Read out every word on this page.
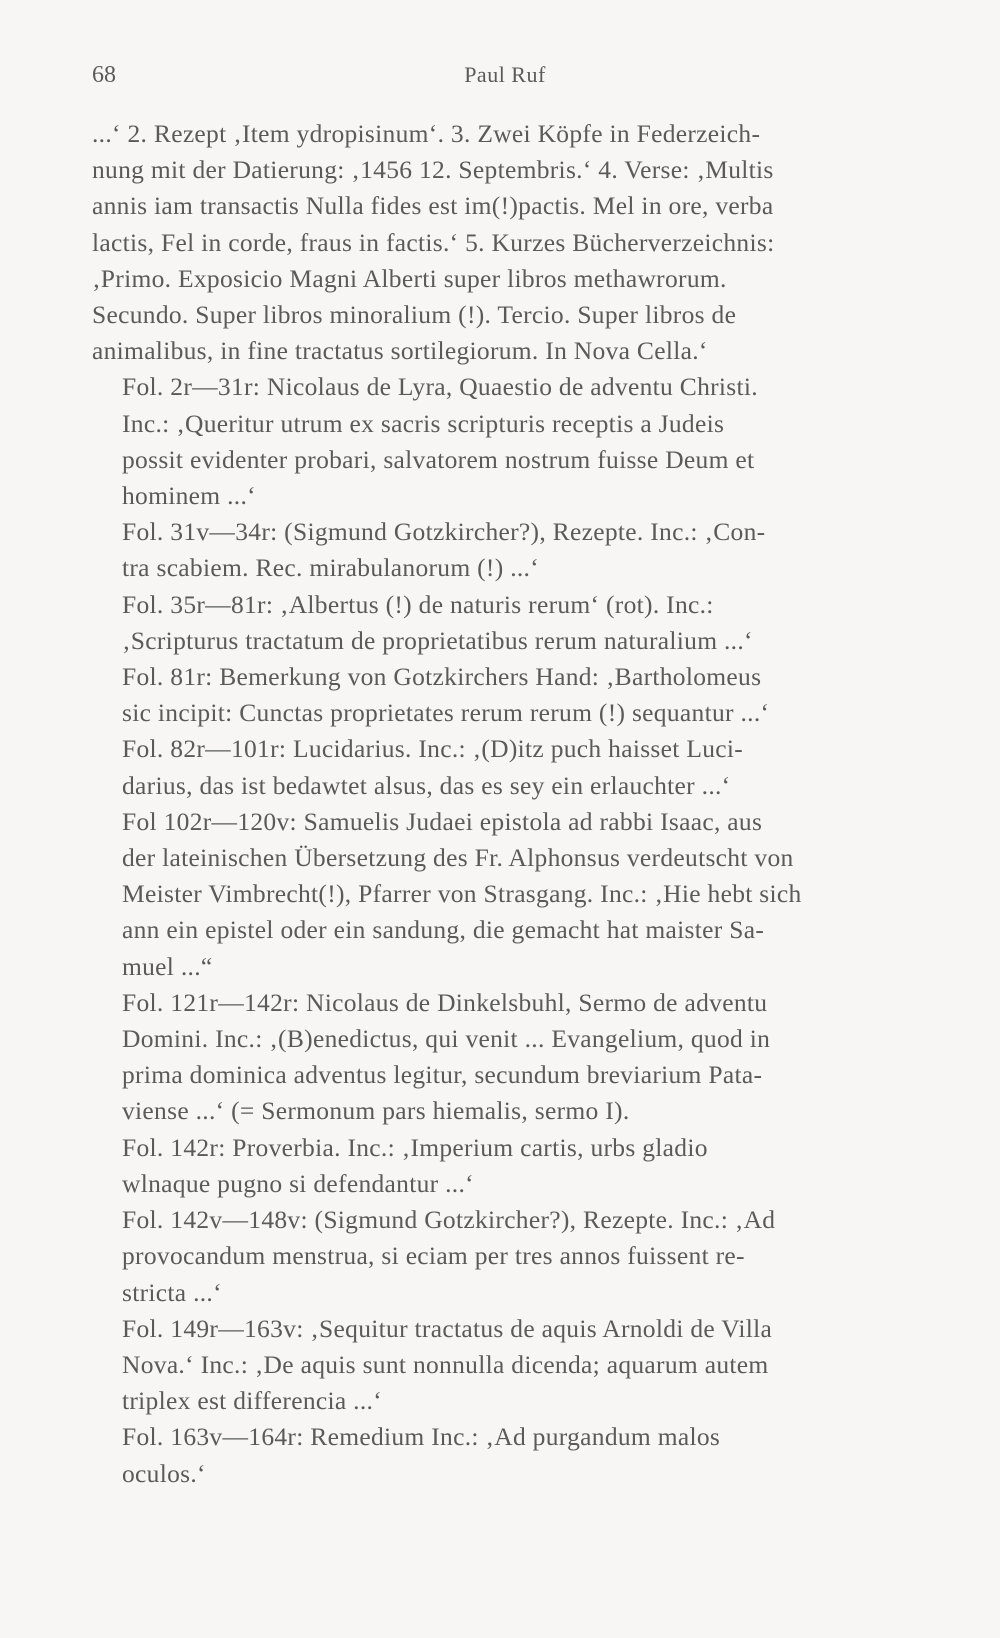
68	Paul Ruf

...‘ 2. Rezept ‚Item ydropisinum‘. 3. Zwei Köpfe in Federzeich-
nung mit der Datierung: ‚1456 12. Septembris.‘ 4. Verse: ‚Multis
annis iam transactis Nulla fides est im(!)pactis. Mel in ore, verba
lactis, Fel in corde, fraus in factis.‘ 5. Kurzes Bücherverzeichnis:
‚Primo. Exposicio Magni Alberti super libros methawrorum.
Secundo. Super libros minoralium (!). Tercio. Super libros de
animalibus, in fine tractatus sortilegiorum. In Nova Cella.‘

Fol. 2r—31r: Nicolaus de Lyra, Quaestio de adventu Christi.
Inc.: ‚Queritur utrum ex sacris scripturis receptis a Judeis
possit evidenter probari, salvatorem nostrum fuisse Deum et
hominem ...‘

Fol. 31v—34r: (Sigmund Gotzkircher?), Rezepte. Inc.: ‚Con-
tra scabiem. Rec. mirabulanorum (!) ...‘

Fol. 35r—81r: ‚Albertus (!) de naturis rerum‘ (rot). Inc.:
‚Scripturus tractatum de proprietatibus rerum naturalium ...‘

Fol. 81r: Bemerkung von Gotzkirchers Hand: ‚Bartholomeus
sic incipit: Cunctas proprietates rerum rerum (!) sequantur ...‘

Fol. 82r—101r: Lucidarius. Inc.: ‚(D)itz puch haisset Luci-
darius, das ist bedawtet alsus, das es sey ein erlauchter ...‘

Fol 102r—120v: Samuelis Judaei epistola ad rabbi Isaac, aus
der lateinischen Übersetzung des Fr. Alphonsus verdeutscht von
Meister Vimbrecht(!), Pfarrer von Strasgang. Inc.: ‚Hie hebt sich
ann ein epistel oder ein sandung, die gemacht hat maister Sa-
muel ...“

Fol. 121r—142r: Nicolaus de Dinkelsbuhl, Sermo de adventu
Domini. Inc.: ‚(B)enedictus, qui venit ... Evangelium, quod in
prima dominica adventus legitur, secundum breviarium Pata-
viense ...‘ (= Sermonum pars hiemalis, sermo I).

Fol. 142r: Proverbia. Inc.: ‚Imperium cartis, urbs gladio
wlnaque pugno si defendantur ...‘

Fol. 142v—148v: (Sigmund Gotzkircher?), Rezepte. Inc.: ‚Ad
provocandum menstrua, si eciam per tres annos fuissent re-
stricta ...‘

Fol. 149r—163v: ‚Sequitur tractatus de aquis Arnoldi de Villa
Nova.‘ Inc.: ‚De aquis sunt nonnulla dicenda; aquarum autem
triplex est differencia ...‘

Fol. 163v—164r: Remedium Inc.: ‚Ad purgandum malos
oculos.‘
